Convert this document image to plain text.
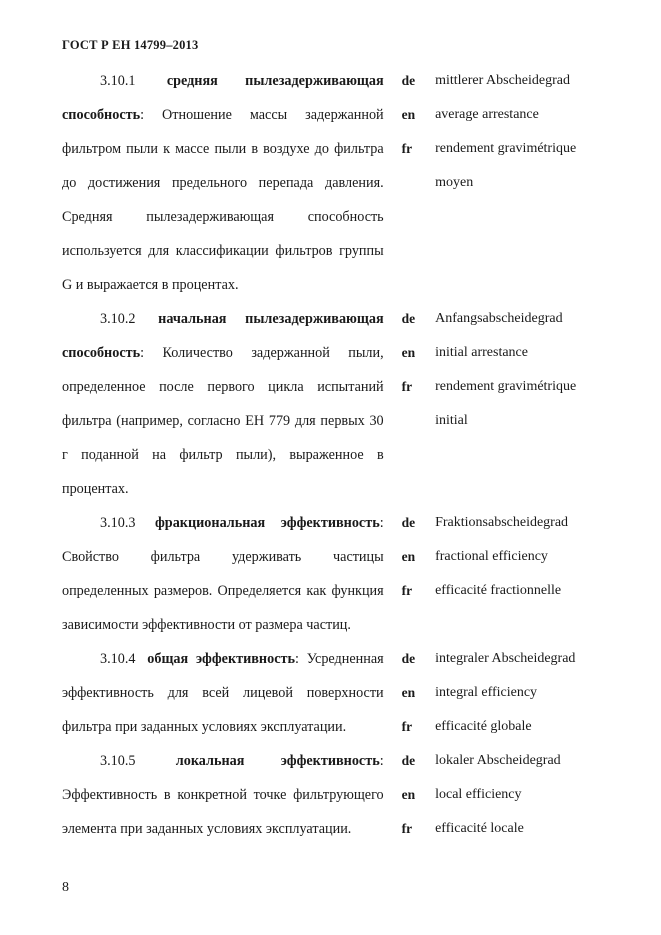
ГОСТ Р ЕН 14799–2013
3.10.1 средняя пылезадерживающая способность: Отношение массы задержанной фильтром пыли к массе пыли в воздухе до фильтра до достижения предельного перепада давления. Средняя пылезадерживающая способность используется для классификации фильтров группы G и выражается в процентах.
de
en
fr
mittlerer Abscheidegrad
average arrestance
rendement gravimétrique
moyen
3.10.2 начальная пылезадерживающая способность: Количество задержанной пыли, определенное после первого цикла испытаний фильтра (например, согласно ЕН 779 для первых 30 г поданной на фильтр пыли), выраженное в процентах.
de
en
fr
Anfangsabscheidegrad
initial arrestance
rendement gravimétrique
initial
3.10.3 фракциональная эффективность: Свойство фильтра удерживать частицы определенных размеров. Определяется как функция зависимости эффективности от размера частиц.
de
en
fr
Fraktionsabscheidegrad
fractional efficiency
efficacité fractionnelle
3.10.4 общая эффективность: Усредненная эффективность для всей лицевой поверхности фильтра при заданных условиях эксплуатации.
de
en
fr
integraler Abscheidegrad
integral efficiency
efficacité globale
3.10.5	локальная эффективность: Эффективность в конкретной точке фильтрующего элемента при заданных условиях эксплуатации.
de
en
fr
lokaler Abscheidegrad
local efficiency
efficacité locale
8
